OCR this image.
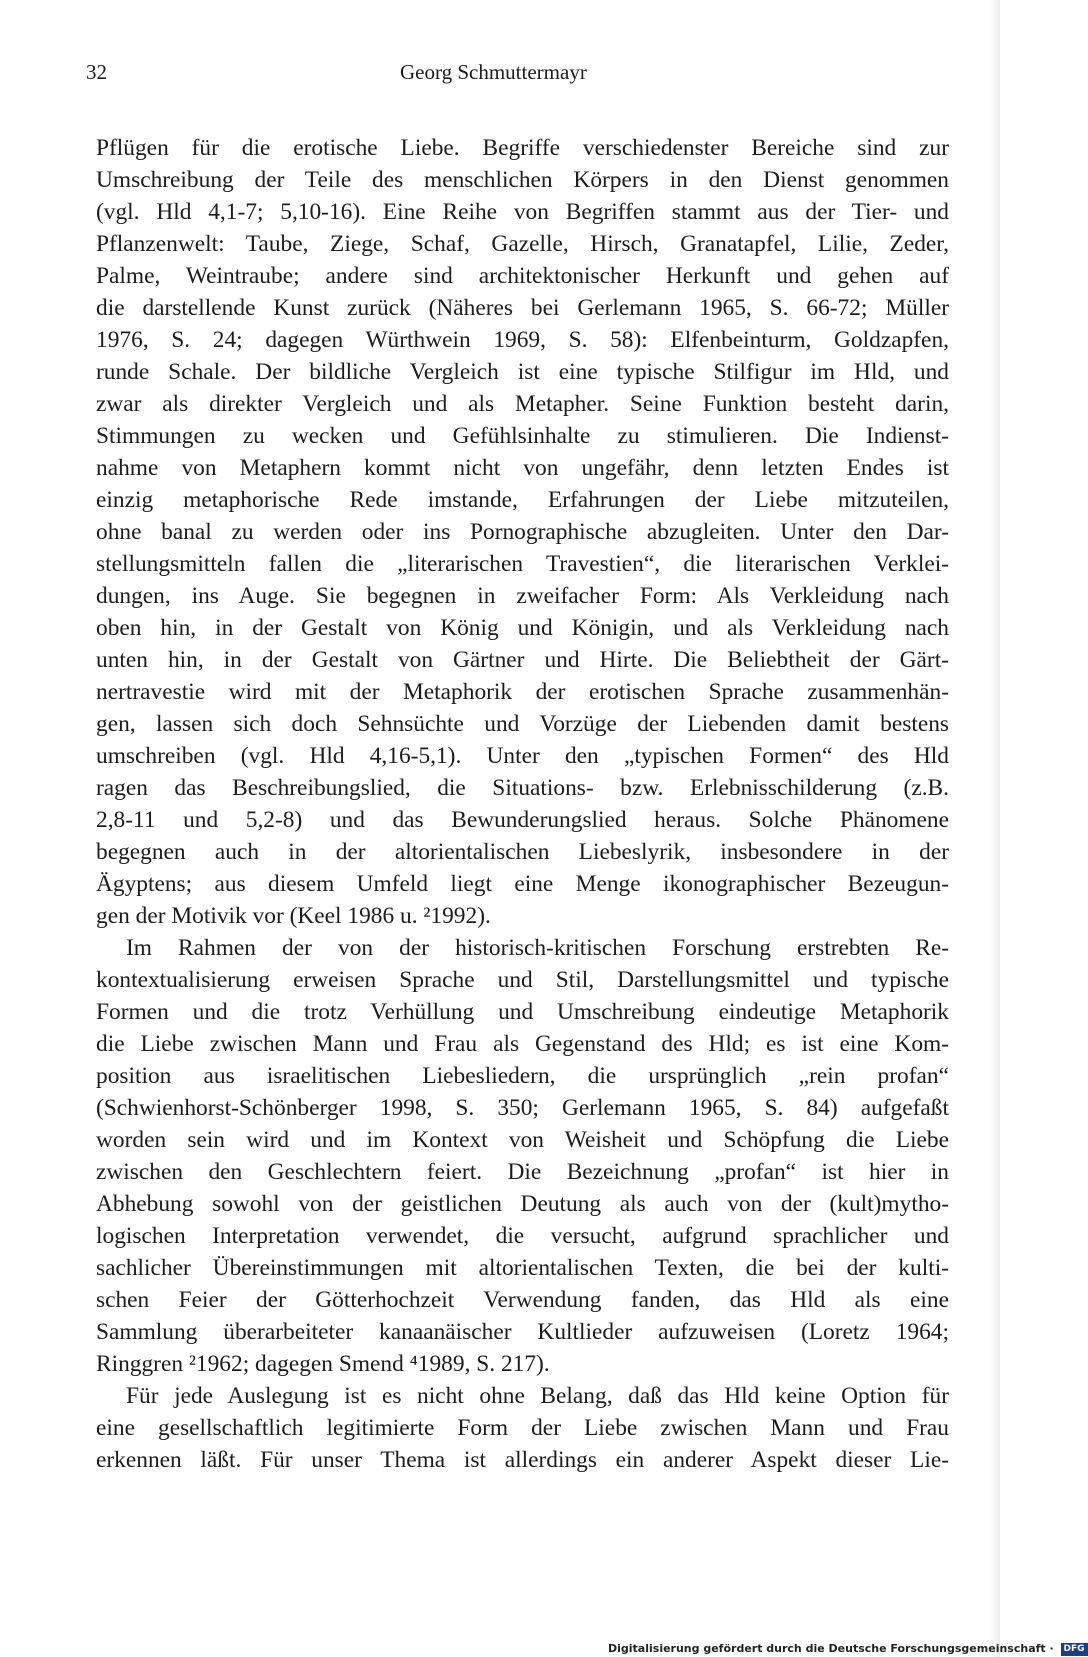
32	Georg Schmuttermayr
Pflügen für die erotische Liebe. Begriffe verschiedenster Bereiche sind zur
Umschreibung der Teile des menschlichen Körpers in den Dienst genommen
(vgl. Hld 4,1-7; 5,10-16). Eine Reihe von Begriffen stammt aus der Tier- und
Pflanzenwelt: Taube, Ziege, Schaf, Gazelle, Hirsch, Granatapfel, Lilie, Zeder,
Palme, Weintraube; andere sind architektonischer Herkunft und gehen auf
die darstellende Kunst zurück (Näheres bei Gerlemann 1965, S. 66-72; Müller
1976, S. 24; dagegen Würthwein 1969, S. 58): Elfenbeinturm, Goldzapfen,
runde Schale. Der bildliche Vergleich ist eine typische Stilfigur im Hld, und
zwar als direkter Vergleich und als Metapher. Seine Funktion besteht darin,
Stimmungen zu wecken und Gefühlsinhalte zu stimulieren. Die Indienst-
nahme von Metaphern kommt nicht von ungefähr, denn letzten Endes ist
einzig metaphorische Rede imstande, Erfahrungen der Liebe mitzuteilen,
ohne banal zu werden oder ins Pornographische abzugleiten. Unter den Dar-
stellungsmitteln fallen die „literarischen Travestien“, die literarischen Verklei-
dungen, ins Auge. Sie begegnen in zweifacher Form: Als Verkleidung nach
oben hin, in der Gestalt von König und Königin, und als Verkleidung nach
unten hin, in der Gestalt von Gärtner und Hirte. Die Beliebtheit der Gärt-
nertravestie wird mit der Metaphorik der erotischen Sprache zusammenhän-
gen, lassen sich doch Sehnsüchte und Vorzüge der Liebenden damit bestens
umschreiben (vgl. Hld 4,16-5,1). Unter den „typischen Formen“ des Hld
ragen das Beschreibungslied, die Situations- bzw. Erlebnisschilderung (z.B.
2,8-11 und 5,2-8) und das Bewunderungslied heraus. Solche Phänomene
begegnen auch in der altorientalischen Liebeslyrik, insbesondere in der
Ägyptens; aus diesem Umfeld liegt eine Menge ikonographischer Bezeugun-
gen der Motivik vor (Keel 1986 u. ²1992).
Im Rahmen der von der historisch-kritischen Forschung erstrebten Re-
kontextualisierung erweisen Sprache und Stil, Darstellungsmittel und typische
Formen und die trotz Verhüllung und Umschreibung eindeutige Metaphorik
die Liebe zwischen Mann und Frau als Gegenstand des Hld; es ist eine Kom-
position aus israelitischen Liebesliedern, die ursprünglich „rein profan“
(Schwienhorst-Schönberger 1998, S. 350; Gerlemann 1965, S. 84) aufgefaßt
worden sein wird und im Kontext von Weisheit und Schöpfung die Liebe
zwischen den Geschlechtern feiert. Die Bezeichnung „profan“ ist hier in
Abhebung sowohl von der geistlichen Deutung als auch von der (kult)mytho-
logischen Interpretation verwendet, die versucht, aufgrund sprachlicher und
sachlicher Übereinstimmungen mit altorientalischen Texten, die bei der kulti-
schen Feier der Götterhochzeit Verwendung fanden, das Hld als eine
Sammlung überarbeiteter kanaanäischer Kultlieder aufzuweisen (Loretz 1964;
Ringgren ²1962; dagegen Smend ⁴1989, S. 217).
Für jede Auslegung ist es nicht ohne Belang, daß das Hld keine Option für
eine gesellschaftlich legitimierte Form der Liebe zwischen Mann und Frau
erkennen läßt. Für unser Thema ist allerdings ein anderer Aspekt dieser Lie-
Digitalisierung gefördert durch die Deutsche Forschungsgemeinschaft · DFG
